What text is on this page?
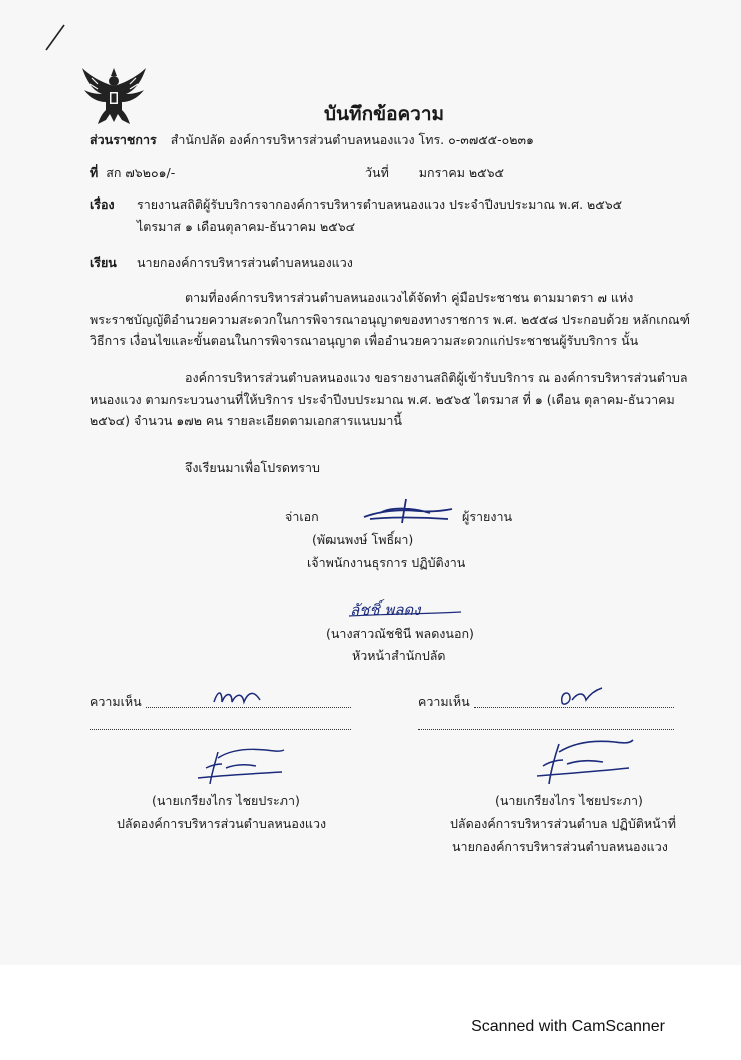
บันทึกข้อความ
ส่วนราชการ สำนักปลัด องค์การบริหารส่วนตำบลหนองแวง โทร. ๐-๓๗๕๕-๐๒๓๑
ที่ สก ๗๖๒๐๑/-	วันที่ มกราคม ๒๕๖๕
เรื่อง รายงานสถิติผู้รับบริการจากองค์การบริหารตำบลหนองแวง ประจำปีงบประมาณ พ.ศ. ๒๕๖๕
ไตรมาส ๑ เดือนตุลาคม-ธันวาคม ๒๕๖๔
เรียน นายกองค์การบริหารส่วนตำบลหนองแวง
ตามที่องค์การบริหารส่วนตำบลหนองแวงได้จัดทำ คู่มือประชาชน ตามมาตรา ๗ แห่ง
พระราชบัญญัติอำนวยความสะดวกในการพิจารณาอนุญาตของทางราชการ พ.ศ. ๒๕๕๘ ประกอบด้วย หลักเกณฑ์
วิธีการ เงื่อนไขและขั้นตอนในการพิจารณาอนุญาต เพื่ออำนวยความสะดวกแก่ประชาชนผู้รับบริการ นั้น
องค์การบริหารส่วนตำบลหนองแวง ขอรายงานสถิติผู้เข้ารับบริการ ณ องค์การบริหารส่วนตำบล
หนองแวง ตามกระบวนงานที่ให้บริการ ประจำปีงบประมาณ พ.ศ. ๒๕๖๕ ไตรมาส ที่ ๑ (เดือน ตุลาคม-ธันวาคม
๒๕๖๔) จำนวน ๑๗๒ คน รายละเอียดตามเอกสารแนบมานี้
จึงเรียนมาเพื่อโปรดทราบ
จ่าเอก	ผู้รายงาน
(พัฒนพงษ์ โพธิ์ผา)
เจ้าพนักงานธุรการ ปฏิบัติงาน
ลัชชิ์ พลดง
(นางสาวณัชชินี พลดงนอก)
หัวหน้าสำนักปลัด
ความเห็น
(นายเกรียงไกร ไชยประภา)
ปลัดองค์การบริหารส่วนตำบลหนองแวง
ความเห็น
(นายเกรียงไกร ไชยประภา)
ปลัดองค์การบริหารส่วนตำบล ปฏิบัติหน้าที่
นายกองค์การบริหารส่วนตำบลหนองแวง
Scanned with CamScanner
